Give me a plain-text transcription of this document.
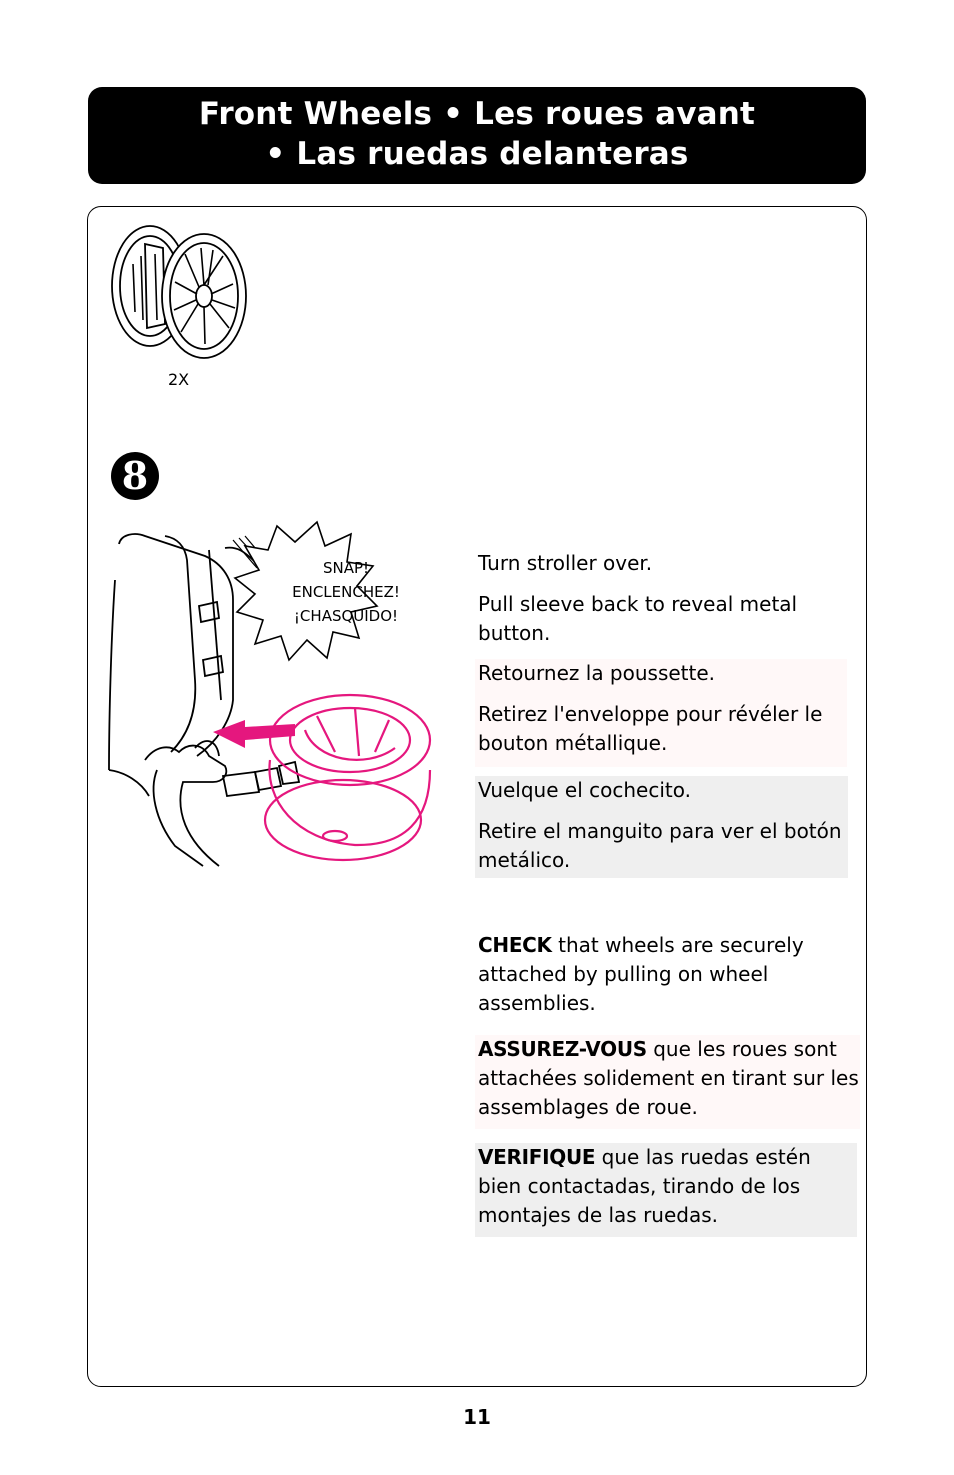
Front Wheels • Les roues avant
• Las ruedas delanteras
2X
8
SNAP!
ENCLENCHEZ!
¡CHASQUIDO!

Turn stroller over.

Pull sleeve back to reveal metal button.

Retournez la poussette.

Retirez l'enveloppe pour révéler le bouton métallique.

Vuelque el cochecito.

Retire el manguito para ver el botón metálico.

CHECK that wheels are securely attached by pulling on wheel assemblies.

ASSUREZ-VOUS que les roues sont attachées solidement en tirant sur les assemblages de roue.

VERIFIQUE que las ruedas estén bien contactadas, tirando de los montajes de las ruedas.

11
